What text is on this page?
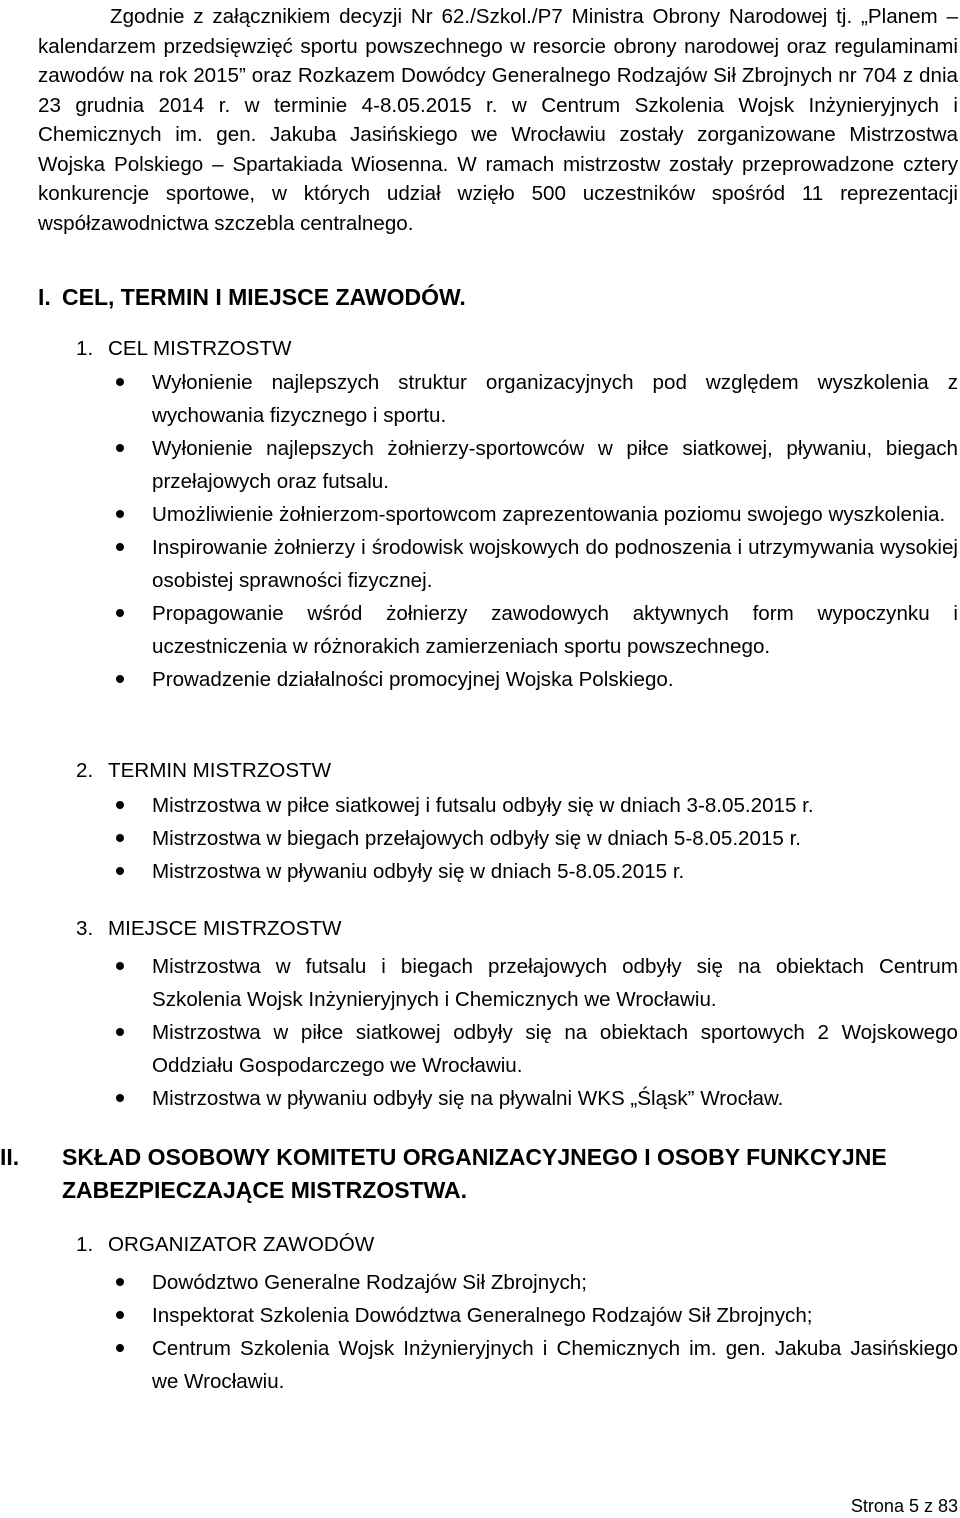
Zgodnie z załącznikiem decyzji Nr 62./Szkol./P7 Ministra Obrony Narodowej tj. „Planem – kalendarzem przedsięwzięć sportu powszechnego w resorcie obrony narodowej oraz regulaminami zawodów na rok 2015” oraz Rozkazem Dowódcy Generalnego Rodzajów Sił Zbrojnych nr 704 z dnia 23 grudnia 2014 r. w terminie 4-8.05.2015 r. w Centrum Szkolenia Wojsk Inżynieryjnych i Chemicznych im. gen. Jakuba Jasińskiego we Wrocławiu zostały zorganizowane Mistrzostwa Wojska Polskiego – Spartakiada Wiosenna. W ramach mistrzostw zostały przeprowadzone cztery konkurencje sportowe, w których udział wzięło 500 uczestników spośród 11 reprezentacji współzawodnictwa szczebla centralnego.

I. CEL, TERMIN I MIEJSCE ZAWODÓW.
1. CEL MISTRZOSTW
Wyłonienie najlepszych struktur organizacyjnych pod względem wyszkolenia z wychowania fizycznego i sportu.
Wyłonienie najlepszych żołnierzy-sportowców w piłce siatkowej, pływaniu, biegach przełajowych oraz futsalu.
Umożliwienie żołnierzom-sportowcom zaprezentowania poziomu swojego wyszkolenia.
Inspirowanie żołnierzy i środowisk wojskowych do podnoszenia i utrzymywania wysokiej osobistej sprawności fizycznej.
Propagowanie wśród żołnierzy zawodowych aktywnych form wypoczynku i uczestniczenia w różnorakich zamierzeniach sportu powszechnego.
Prowadzenie działalności promocyjnej Wojska Polskiego.
2. TERMIN MISTRZOSTW
Mistrzostwa w piłce siatkowej i futsalu odbyły się w dniach 3-8.05.2015 r.
Mistrzostwa w biegach przełajowych odbyły się w dniach 5-8.05.2015 r.
Mistrzostwa w pływaniu odbyły się w dniach 5-8.05.2015 r.
3. MIEJSCE MISTRZOSTW
Mistrzostwa w futsalu i biegach przełajowych odbyły się na obiektach Centrum Szkolenia Wojsk Inżynieryjnych i Chemicznych we Wrocławiu.
Mistrzostwa w piłce siatkowej odbyły się na obiektach sportowych 2 Wojskowego Oddziału Gospodarczego we Wrocławiu.
Mistrzostwa w pływaniu odbyły się na pływalni WKS „Śląsk” Wrocław.
II. SKŁAD OSOBOWY KOMITETU ORGANIZACYJNEGO I OSOBY FUNKCYJNE ZABEZPIECZAJĄCE MISTRZOSTWA.
1. ORGANIZATOR ZAWODÓW
Dowództwo Generalne Rodzajów Sił Zbrojnych;
Inspektorat Szkolenia Dowództwa Generalnego Rodzajów Sił Zbrojnych;
Centrum Szkolenia Wojsk Inżynieryjnych i Chemicznych im. gen. Jakuba Jasińskiego we Wrocławiu.
Strona 5 z 83
